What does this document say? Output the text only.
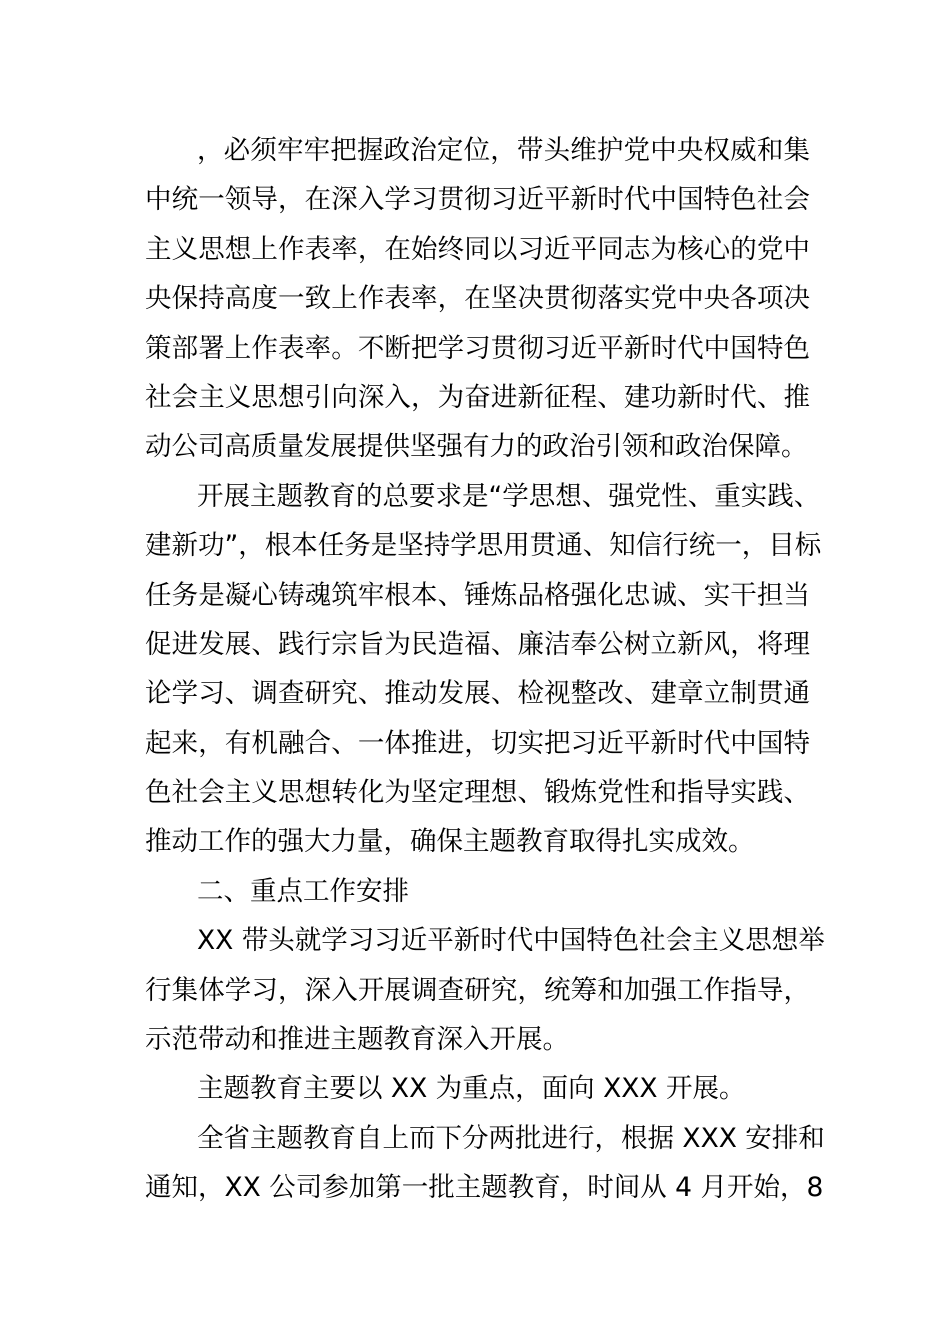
，必须牢牢把握政治定位，带头维护党中央权威和集
中统一领导，在深入学习贯彻习近平新时代中国特色社会
主义思想上作表率，在始终同以习近平同志为核心的党中
央保持高度一致上作表率，在坚决贯彻落实党中央各项决
策部署上作表率。不断把学习贯彻习近平新时代中国特色
社会主义思想引向深入，为奋进新征程、建功新时代、推
动公司高质量发展提供坚强有力的政治引领和政治保障。
开展主题教育的总要求是“学思想、强党性、重实践、
建新功”，根本任务是坚持学思用贯通、知信行统一，目标
任务是凝心铸魂筑牢根本、锤炼品格强化忠诚、实干担当
促进发展、践行宗旨为民造福、廉洁奉公树立新风，将理
论学习、调查研究、推动发展、检视整改、建章立制贯通
起来，有机融合、一体推进，切实把习近平新时代中国特
色社会主义思想转化为坚定理想、锻炼党性和指导实践、
推动工作的强大力量，确保主题教育取得扎实成效。
二、重点工作安排
XX 带头就学习习近平新时代中国特色社会主义思想举
行集体学习，深入开展调查研究，统筹和加强工作指导，
示范带动和推进主题教育深入开展。
主题教育主要以 XX 为重点，面向 XXX 开展。
全省主题教育自上而下分两批进行，根据 XXX 安排和
通知，XX 公司参加第一批主题教育，时间从 4 月开始，8
